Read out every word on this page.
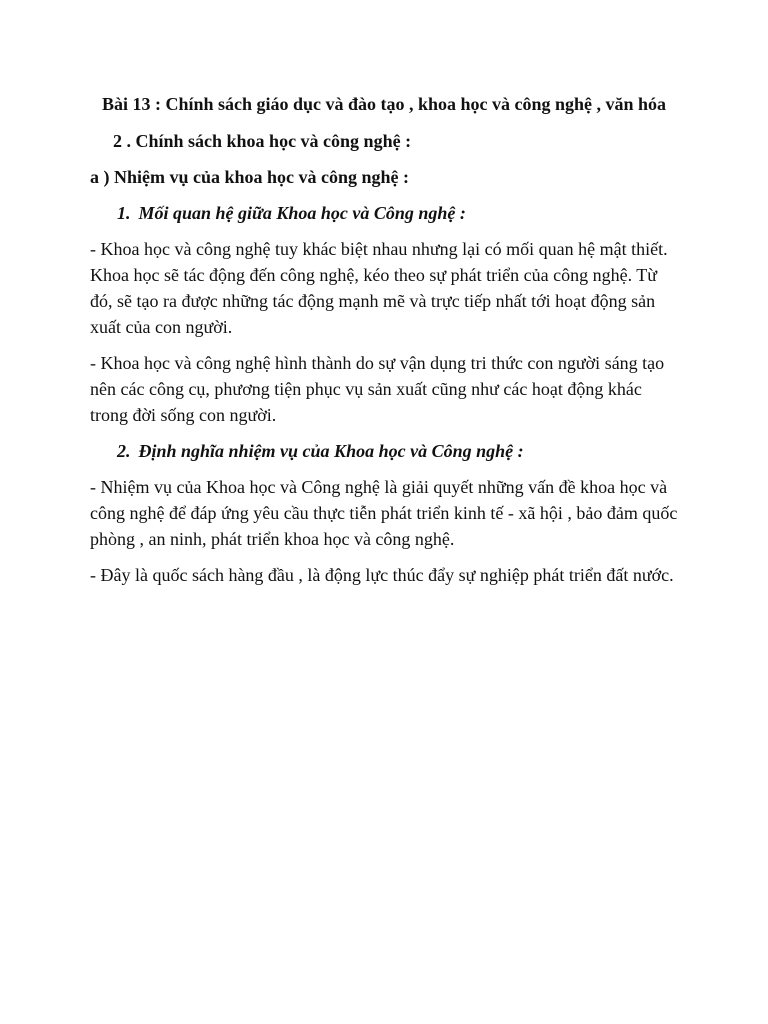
Bài 13 : Chính sách giáo dục và đào tạo , khoa học và công nghệ , văn hóa
2 . Chính sách khoa học và công nghệ :
a ) Nhiệm vụ của khoa học và công nghệ :
1. Mối quan hệ giữa Khoa học và Công nghệ :
- Khoa học và công nghệ tuy khác biệt nhau nhưng lại có mối quan hệ mật thiết. Khoa học sẽ tác động đến công nghệ, kéo theo sự phát triển của công nghệ. Từ đó, sẽ tạo ra được những tác động mạnh mẽ và trực tiếp nhất tới hoạt động sản xuất của con người.
- Khoa học và công nghệ hình thành do sự vận dụng tri thức con người sáng tạo nên các công cụ, phương tiện phục vụ sản xuất cũng như các hoạt động khác trong đời sống con người.
2. Định nghĩa nhiệm vụ của Khoa học và Công nghệ :
- Nhiệm vụ của Khoa học và Công nghệ là giải quyết những vấn đề khoa học và công nghệ để đáp ứng yêu cầu thực tiễn phát triển kinh tế - xã hội , bảo đảm quốc phòng , an ninh, phát triển khoa học và công nghệ.
- Đây là quốc sách hàng đầu , là động lực thúc đẩy sự nghiệp phát triển đất nước.
